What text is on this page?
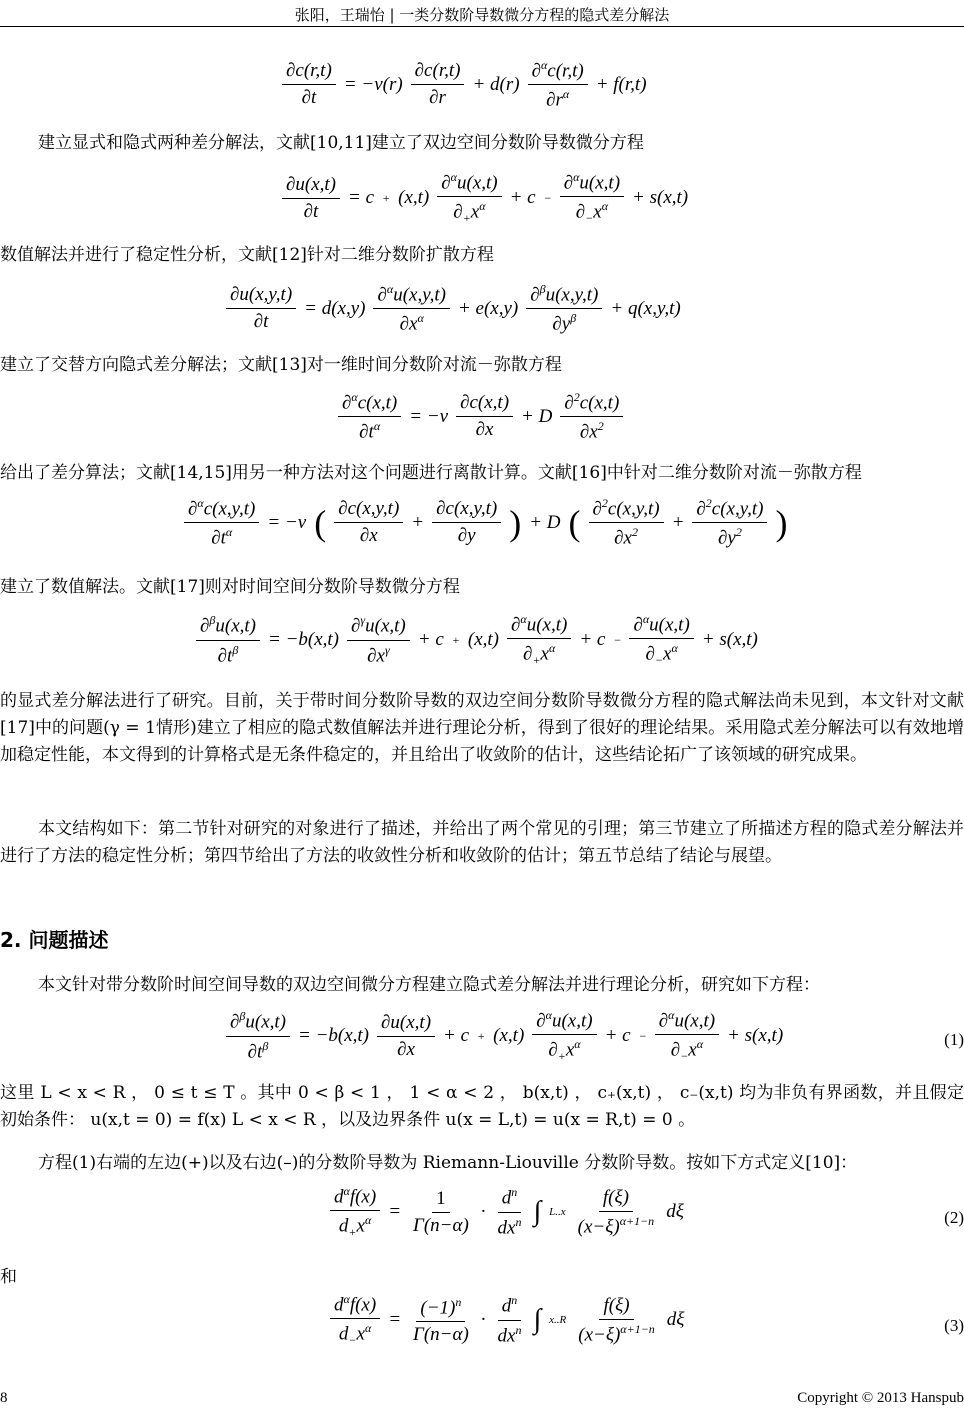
张阳，王瑞怡 | 一类分数阶导数微分方程的隐式差分解法
$\frac{\partial c(r,t)}{\partial t} = -v(r) \frac{\partial c(r,t)}{\partial r} + d(r) \frac{\partial^\alpha c(r,t)}{\partial r^\alpha} + f(r,t)$
建立显式和隐式两种差分解法，文献[10,11]建立了双边空间分数阶导数微分方程
$\frac{\partial u(x,t)}{\partial t} = c + (x,t) \frac{\partial^\alpha u(x,t)}{\partial_+x^\alpha} + c - \frac{\partial^\alpha u(x,t)}{\partial_-x^\alpha} + s(x,t)$
数值解法并进行了稳定性分析，文献[12]针对二维分数阶扩散方程
$\frac{\partial u(x,y,t)}{\partial t} = d(x,y) \frac{\partial^\alpha u(x,y,t)}{\partial x^\alpha} + e(x,y) \frac{\partial^\beta u(x,y,t)}{\partial y^\beta} + q(x,y,t)$
建立了交替方向隐式差分解法；文献[13]对一维时间分数阶对流－弥散方程
$\frac{\partial^\alpha c(x,t)}{\partial t^\alpha} = -v \frac{\partial c(x,t)}{\partial x} + D \frac{\partial^2c(x,t)}{\partial x^2}$
给出了差分算法；文献[14,15]用另一种方法对这个问题进行离散计算。文献[16]中针对二维分数阶对流－弥散方程
$\frac{\partial^\alpha c(x,y,t)}{\partial t^\alpha} = -v$ ( $\frac{\partial c(x,y,t)}{\partial x} + \frac{\partial c(x,y,t)}{\partial y}$ ) + D ( $\frac{\partial^2c(x,y,t)}{\partial x^2} + \frac{\partial^2c(x,y,t)}{\partial y^2}$ )
建立了数值解法。文献[17]则对时间空间分数阶导数微分方程
$\frac{\partial^\beta u(x,t)}{\partial t^\beta} = -b(x,t) \frac{\partial^\gamma u(x,t)}{\partial x^\gamma} + c + (x,t) \frac{\partial^\alpha u(x,t)}{\partial_+x^\alpha} + c - \frac{\partial^\alpha u(x,t)}{\partial_-x^\alpha} + s(x,t)$
的显式差分解法进行了研究。目前，关于带时间分数阶导数的双边空间分数阶导数微分方程的隐式解法尚未见到，本文针对文献[17]中的问题(γ = 1情形)建立了相应的隐式数值解法并进行理论分析，得到了很好的理论结果。采用隐式差分解法可以有效地增加稳定性能，本文得到的计算格式是无条件稳定的，并且给出了收敛阶的估计，这些结论拓广了该领域的研究成果。
本文结构如下：第二节针对研究的对象进行了描述，并给出了两个常见的引理；第三节建立了所描述方程的隐式差分解法并进行了方法的稳定性分析；第四节给出了方法的收敛性分析和收敛阶的估计；第五节总结了结论与展望。
2. 问题描述
本文针对带分数阶时间空间导数的双边空间微分方程建立隐式差分解法并进行理论分析，研究如下方程：
$\frac{\partial^\beta u(x,t)}{\partial t^\beta} = -b(x,t) \frac{\partial u(x,t)}{\partial x} + c + (x,t) \frac{\partial^\alpha u(x,t)}{\partial_+x^\alpha} + c - \frac{\partial^\alpha u(x,t)}{\partial_-x^\alpha} + s(x,t)$	(1)
这里 L < x < R ， 0 ≤ t ≤ T 。其中 0 < β < 1 ， 1 < α < 2 ， b(x,t) ， c₊(x,t) ， c₋(x,t) 均为非负有界函数，并且假定初始条件： u(x,t = 0) = f(x) L < x < R ，以及边界条件 u(x = L,t) = u(x = R,t) = 0 。
方程(1)右端的左边(+)以及右边(–)的分数阶导数为 Riemann-Liouville 分数阶导数。按如下方式定义[10]：
$\frac{d^\alpha f(x)}{d_+x^\alpha} = \frac{1}{\Gamma(n-\alpha)} \cdot \frac{d^n}{dx^n}$ ∫ $L..x \frac{f(\xi)}{(x-\xi)^{\alpha+1-n}}$ dξ	(2)
和
$\frac{d^\alpha f(x)}{d_-x^\alpha} = \frac{(-1)^n}{\Gamma(n-\alpha)} \cdot \frac{d^n}{dx^n}$ ∫ $x..R \frac{f(\xi)}{(x-\xi)^{\alpha+1-n}}$ dξ	(3)
8	Copyright © 2013 Hanspub
